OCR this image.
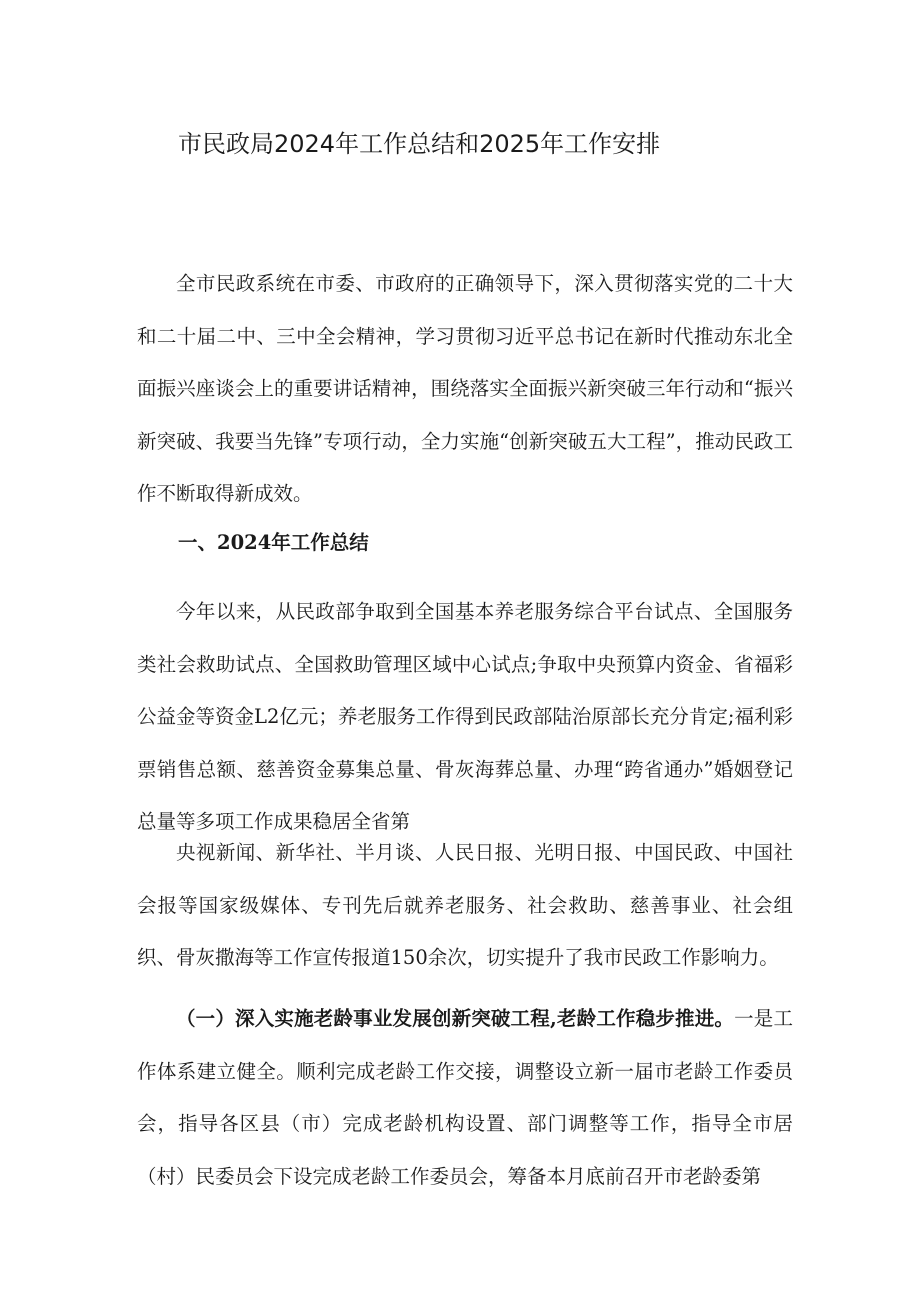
市民政局2024年工作总结和2025年工作安排

全市民政系统在市委、市政府的正确领导下，深入贯彻落实党的二十大和二十届二中、三中全会精神，学习贯彻习近平总书记在新时代推动东北全面振兴座谈会上的重要讲话精神，围绕落实全面振兴新突破三年行动和“振兴新突破、我要当先锋”专项行动，全力实施“创新突破五大工程”，推动民政工作不断取得新成效。

一、2024年工作总结

今年以来，从民政部争取到全国基本养老服务综合平台试点、全国服务类社会救助试点、全国救助管理区域中心试点;争取中央预算内资金、省福彩公益金等资金L2亿元；养老服务工作得到民政部陆治原部长充分肯定;福利彩票销售总额、慈善资金募集总量、骨灰海葬总量、办理“跨省通办”婚姻登记总量等多项工作成果稳居全省第

央视新闻、新华社、半月谈、人民日报、光明日报、中国民政、中国社会报等国家级媒体、专刊先后就养老服务、社会救助、慈善事业、社会组织、骨灰撒海等工作宣传报道150余次，切实提升了我市民政工作影响力。

（一）深入实施老龄事业发展创新突破工程,老龄工作稳步推进。一是工作体系建立健全。顺利完成老龄工作交接，调整设立新一届市老龄工作委员会，指导各区县（市）完成老龄机构设置、部门调整等工作，指导全市居（村）民委员会下设完成老龄工作委员会，筹备本月底前召开市老龄委第
